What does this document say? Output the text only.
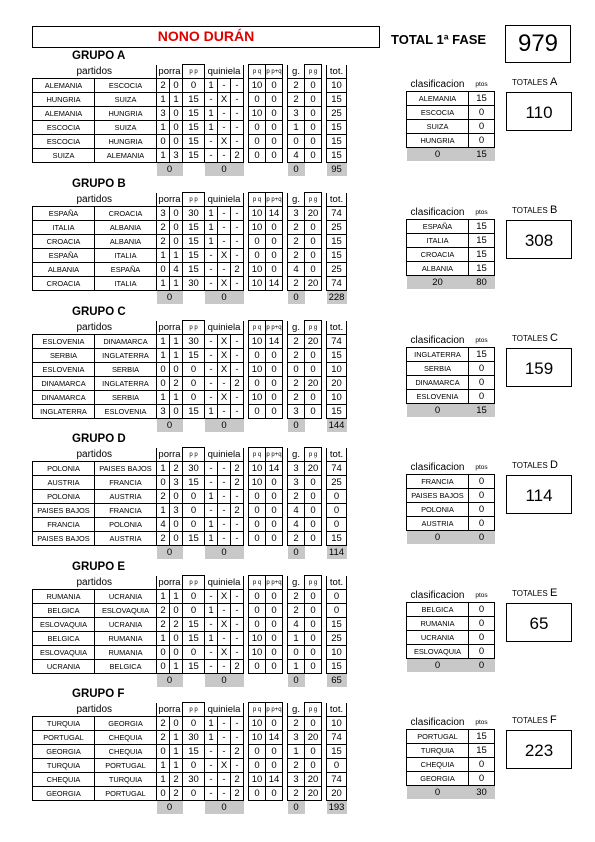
NONO DURÁN	TOTAL 1ª FASE	979
GRUPO A
partidos		porra		p p	quiniela				p q	p p+q		g.	p g		tot.
ALEMANIA	ESCOCIA	2	0	0	1	-	-		10	0		2	0		10
HUNGRIA	SUIZA	1	1	15	-	X	-		0	0		2	0		15
ALEMANIA	HUNGRIA	3	0	15	1	-	-		10	0		3	0		25
ESCOCIA	SUIZA	1	0	15	1	-	-		0	0		1	0		15
ESCOCIA	HUNGRIA	0	0	15	-	X	-		0	0		0	0		15
SUIZA	ALEMANIA	1	3	15	-	-	2		0	0		4	0		15
		0			0							0			95
clasificacion	ptos
ALEMANIA	15
ESCOCIA	0
SUIZA	0
HUNGRIA	0
0	15
TOTALES A
110
GRUPO B
partidos		porra		p p	quiniela				p q	p p+q		g.	p g		tot.
ESPAÑA	CROACIA	3	0	30	1	-	-		10	14		3	20		74
ITALIA	ALBANIA	2	0	15	1	-	-		10	0		2	0		25
CROACIA	ALBANIA	2	0	15	1	-	-		0	0		2	0		15
ESPAÑA	ITALIA	1	1	15	-	X	-		0	0		2	0		15
ALBANIA	ESPAÑA	0	4	15	-	-	2		10	0		4	0		25
CROACIA	ITALIA	1	1	30	-	X	-		10	14		2	20		74
		0			0							0			228
clasificacion	ptos
ESPAÑA	15
ITALIA	15
CROACIA	15
ALBANIA	15
20	80
TOTALES B
308
GRUPO C
partidos		porra		p p	quiniela				p q	p p+q		g.	p g		tot.
ESLOVENIA	DINAMARCA	1	1	30	-	X	-		10	14		2	20		74
SERBIA	INGLATERRA	1	1	15	-	X	-		0	0		2	0		15
ESLOVENIA	SERBIA	0	0	0	-	X	-		10	0		0	0		10
DINAMARCA	INGLATERRA	0	2	0	-	-	2		0	0		2	20		20
DINAMARCA	SERBIA	1	1	0	-	X	-		10	0		2	0		10
INGLATERRA	ESLOVENIA	3	0	15	1	-	-		0	0		3	0		15
		0			0							0			144
clasificacion	ptos
INGLATERRA	15
SERBIA	0
DINAMARCA	0
ESLOVENIA	0
0	15
TOTALES C
159
GRUPO D
partidos		porra		p p	quiniela				p q	p p+q		g.	p g		tot.
POLONIA	PAISES BAJOS	1	2	30	-	-	2		10	14		3	20		74
AUSTRIA	FRANCIA	0	3	15	-	-	2		10	0		3	0		25
POLONIA	AUSTRIA	2	0	0	1	-	-		0	0		2	0		0
PAISES BAJOS	FRANCIA	1	3	0	-	-	2		0	0		4	0		0
FRANCIA	POLONIA	4	0	0	1	-	-		0	0		4	0		0
PAISES BAJOS	AUSTRIA	2	0	15	1	-	-		0	0		2	0		15
		0			0							0			114
clasificacion	ptos
FRANCIA	0
PAISES BAJOS	0
POLONIA	0
AUSTRIA	0
0	0
TOTALES D
114
GRUPO E
partidos		porra		p p	quiniela				p q	p p+q		g.	p g		tot.
RUMANIA	UCRANIA	1	1	0	-	X	-		0	0		2	0		0
BELGICA	ESLOVAQUIA	2	0	0	1	-	-		0	0		2	0		0
ESLOVAQUIA	UCRANIA	2	2	15	-	X	-		0	0		4	0		15
BELGICA	RUMANIA	1	0	15	1	-	-		10	0		1	0		25
ESLOVAQUIA	RUMANIA	0	0	0	-	X	-		10	0		0	0		10
UCRANIA	BELGICA	0	1	15	-	-	2		0	0		1	0		15
		0			0							0			65
clasificacion	ptos
BELGICA	0
RUMANIA	0
UCRANIA	0
ESLOVAQUIA	0
0	0
TOTALES E
65
GRUPO F
partidos		porra		p p	quiniela				p q	p p+q		g.	p g		tot.
TURQUIA	GEORGIA	2	0	0	1	-	-		10	0		2	0		10
PORTUGAL	CHEQUIA	2	1	30	1	-	-		10	14		3	20		74
GEORGIA	CHEQUIA	0	1	15	-	-	2		0	0		1	0		15
TURQUIA	PORTUGAL	1	1	0	-	X	-		0	0		2	0		0
CHEQUIA	TURQUIA	1	2	30	-	-	2		10	14		3	20		74
GEORGIA	PORTUGAL	0	2	0	-	-	2		0	0		2	20		20
		0			0							0			193
clasificacion	ptos
PORTUGAL	15
TURQUIA	15
CHEQUIA	0
GEORGIA	0
0	30
TOTALES F
223
